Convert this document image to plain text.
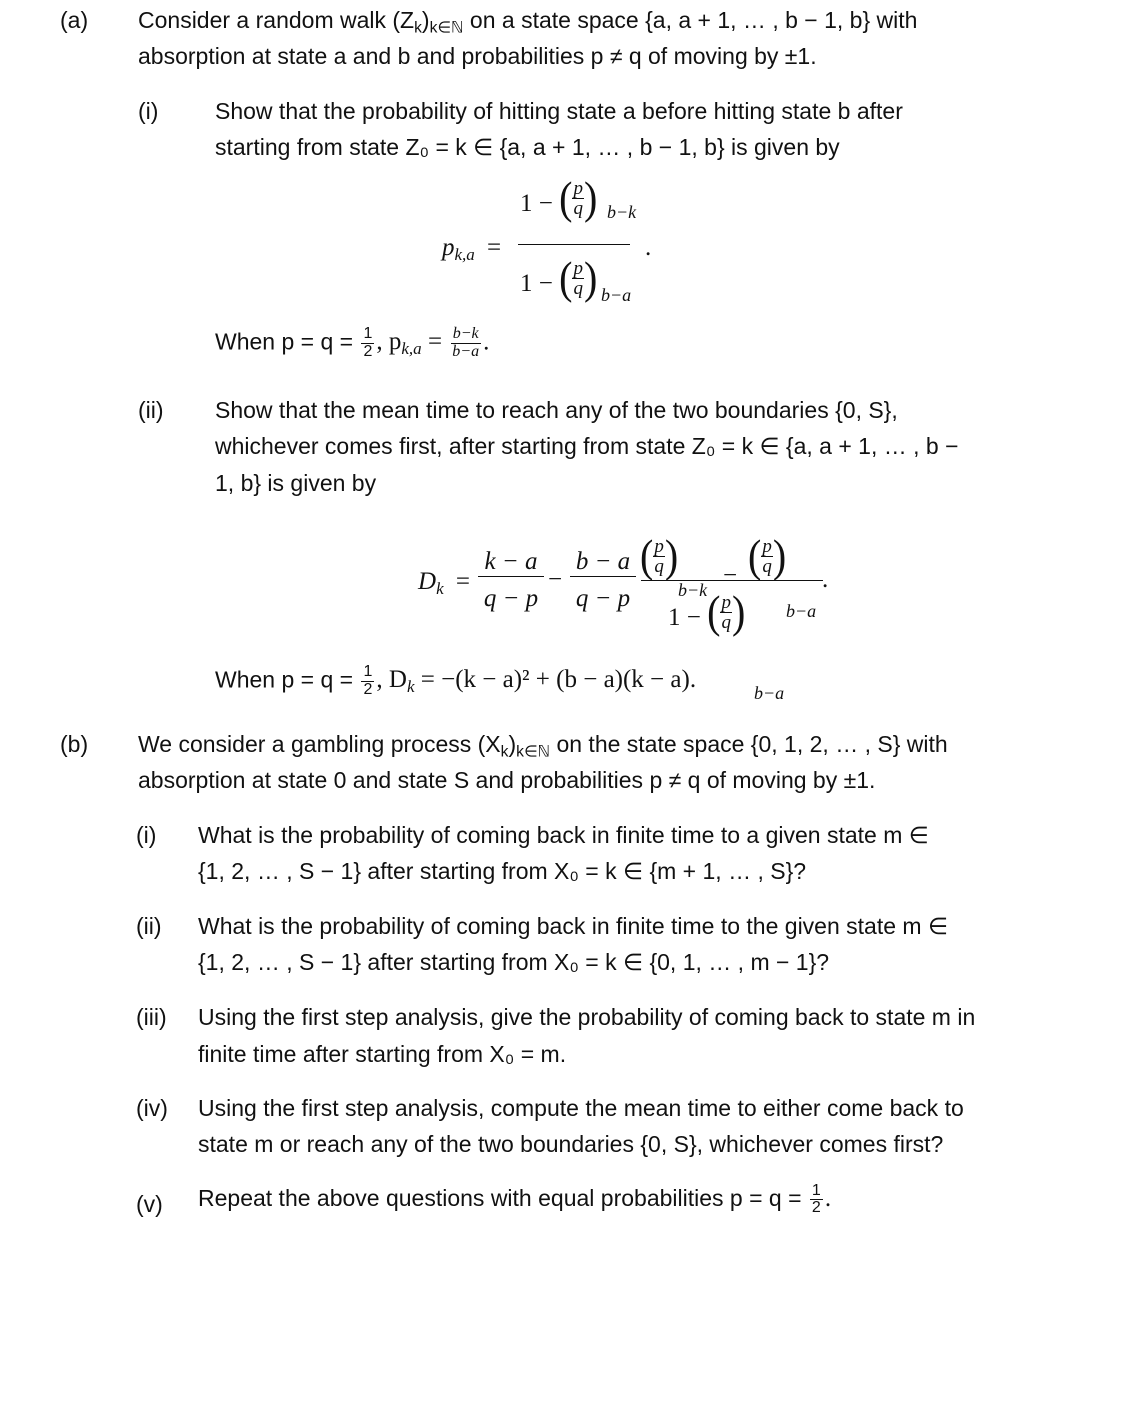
(a) Consider a random walk $(Z_k)_{k\in ℕ}$ on a state space {a, a + 1, … , b − 1, b} with
absorption at state a and b and probabilities p ≠ q of moving by ±1.
(i) Show that the probability of hitting state a before hitting state b after
starting from state Z₀ = k ∈ {a, a + 1, … , b − 1, b} is given by
$p_{k,a}$ =
1 − ( p
q ) b−k
1 − ( p
q ) b−a
.
When $p = q = \frac{1}{2}$ , $p_{k,a} = \frac{b-k}{b-a}$ .
(ii) Show that the mean time to reach any of the two boundaries {0, S},
whichever comes first, after starting from state Z₀ = k ∈ {a, a + 1, … , b −
1, b} is given by
$D_k$ =
k − a
q − p
−
b − a
q − p
( p
q )
b−k
− ( p
q )
b−a
1 − ( p
q )
b−a
.
When $p = q = \frac{1}{2}$ , $D_k = -(k - a)^2 + (b - a)(k - a)$.
(b) We consider a gambling process $(X_k)_{k\in ℕ}$ on the state space {0, 1, 2, … , S} with
absorption at state 0 and state S and probabilities p ≠ q of moving by ±1.
(i) What is the probability of coming back in finite time to a given state m ∈
{1, 2, … , S − 1} after starting from X₀ = k ∈ {m + 1, … , S}?
(ii) What is the probability of coming back in finite time to the given state m ∈
{1, 2, … , S − 1} after starting from X₀ = k ∈ {0, 1, … , m − 1}?
(iii) Using the first step analysis, give the probability of coming back to state m in
finite time after starting from X₀ = m.
(iv) Using the first step analysis, compute the mean time to either come back to
state m or reach any of the two boundaries {0, S}, whichever comes first?
(v) Repeat the above questions with equal probabilities $p = q = \frac{1}{2}$ .
